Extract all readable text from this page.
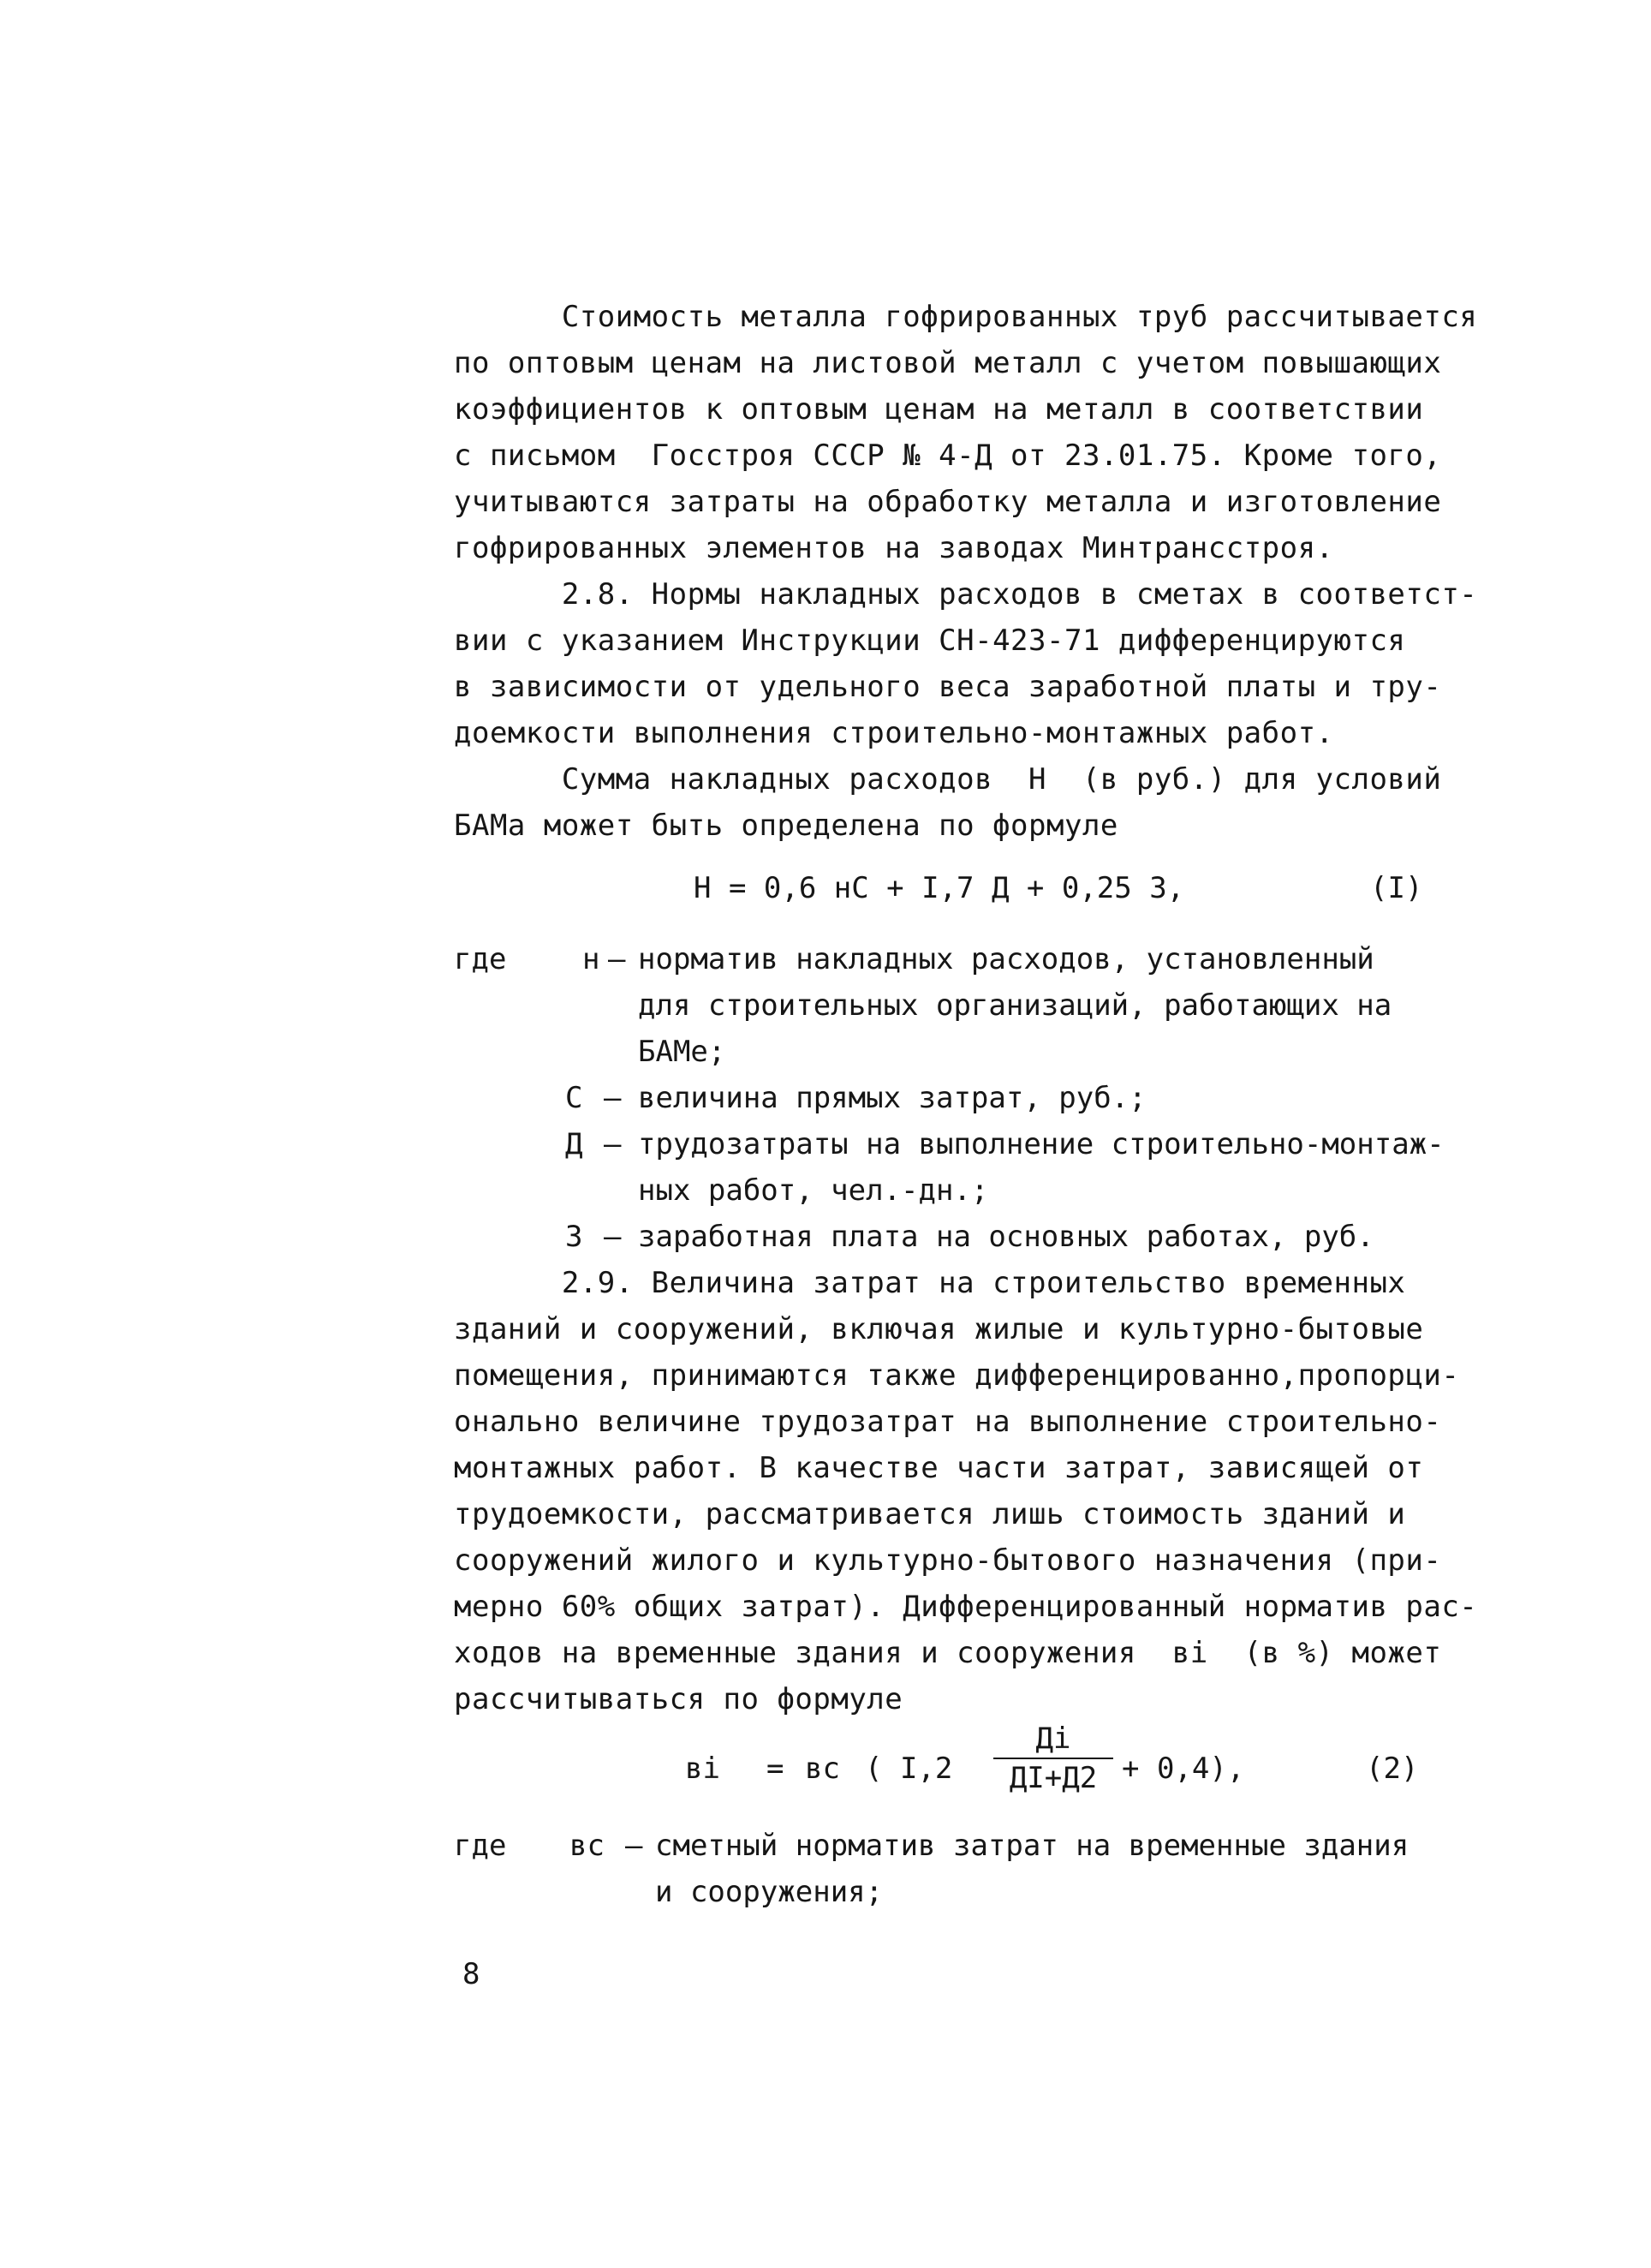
Стоимость металла гофрированных труб рассчитывается
по оптовым ценам на листовой металл с учетом повышающих
коэффициентов к оптовым ценам на металл в соответствии
с письмом  Госстроя СССР № 4-Д от 23.01.75. Кроме того,
учитываются затраты на обработку металла и изготовление
гофрированных элементов на заводах Минтрансстроя.
2.8. Нормы накладных расходов в сметах в соответст-
вии с указанием Инструкции СН-423-71 дифференцируются
в зависимости от удельного веса заработной платы и тру-
доемкости выполнения строительно-монтажных работ.
Сумма накладных расходов  Н  (в руб.) для условий
БАМа может быть определена по формуле
Н = 0,6 нС + I,7 Д + 0,25 З,	(I)
где	н – норматив накладных расходов, установленный
для строительных организаций, работающих на
БАМе;
С – величина прямых затрат, руб.;
Д – трудозатраты на выполнение строительно-монтаж-
ных работ, чел.-дн.;
З – заработная плата на основных работах, руб.
2.9. Величина затрат на строительство временных
зданий и сооружений, включая жилые и культурно-бытовые
помещения, принимаются также дифференцированно,пропорци-
онально величине трудозатрат на выполнение строительно-
монтажных работ. В качестве части затрат, зависящей от
трудоемкости, рассматривается лишь стоимость зданий и
сооружений жилого и культурно-бытового назначения (при-
мерно 60% общих затрат). Дифференцированный норматив рас-
ходов на временные здания и сооружения  вi  (в %) может
рассчитываться по формуле
вi = вс ( I,2
Дi
ДI+Д2 + 0,4),	(2)
где вс – сметный норматив затрат на временные здания
и сооружения;
8
